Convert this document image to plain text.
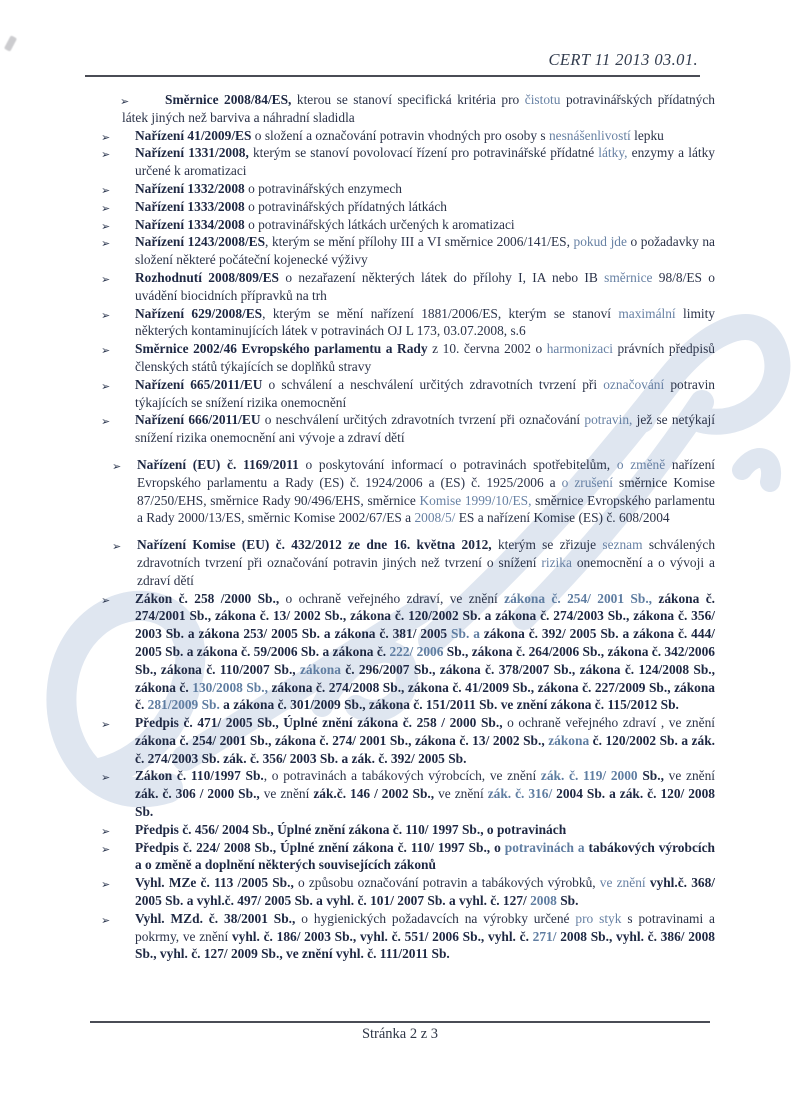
CERT 11 2013 03.01.
➢	Směrnice 2008/84/ES, kterou se stanoví specifická kritéria pro čistotu potravinářských přídatných látek jiných než barviva a náhradní sladidla
➢ Nařízení 41/2009/ES o složení a označování potravin vhodných pro osoby s nesnášenlivostí lepku
➢ Nařízení 1331/2008, kterým se stanoví povolovací řízení pro potravinářské přídatné látky, enzymy a látky určené k aromatizaci
➢ Nařízení 1332/2008 o potravinářských enzymech
➢ Nařízení 1333/2008 o potravinářských přídatných látkách
➢ Nařízení 1334/2008 o potravinářských látkách určených k aromatizaci
➢ Nařízení 1243/2008/ES, kterým se mění přílohy III a VI směrnice 2006/141/ES, pokud jde o požadavky na složení některé počáteční kojenecké výživy
➢ Rozhodnutí 2008/809/ES o nezařazení některých látek do přílohy I, IA nebo IB směrnice 98/8/ES o uvádění biocidních přípravků na trh
➢ Nařízení 629/2008/ES, kterým se mění nařízení 1881/2006/ES, kterým se stanoví maximální limity některých kontaminujících látek v potravinách OJ L 173, 03.07.2008, s.6
➢ Směrnice 2002/46 Evropského parlamentu a Rady z 10. června 2002 o harmonizaci právních předpisů členských států týkajících se doplňků stravy
➢ Nařízení 665/2011/EU o schválení a neschválení určitých zdravotních tvrzení při označování potravin týkajících se snížení rizika onemocnění
➢ Nařízení 666/2011/EU o neschválení určitých zdravotních tvrzení při označování potravin, jež se netýkají snížení rizika onemocnění ani vývoje a zdraví dětí
➢ Nařízení (EU) č. 1169/2011 o poskytování informací o potravinách spotřebitelům, o změně nařízení Evropského parlamentu a Rady (ES) č. 1924/2006 a (ES) č. 1925/2006 a o zrušení směrnice Komise 87/250/EHS, směrnice Rady 90/496/EHS, směrnice Komise 1999/10/ES, směrnice Evropského parlamentu a Rady 2000/13/ES, směrnic Komise 2002/67/ES a 2008/5/ ES a nařízení Komise (ES) č. 608/2004
➢ Nařízení Komise (EU) č. 432/2012 ze dne 16. května 2012, kterým se zřizuje seznam schválených zdravotních tvrzení při označování potravin jiných než tvrzení o snížení rizika onemocnění a o vývoji a zdraví dětí
➢ Zákon č. 258 /2000 Sb., o ochraně veřejného zdraví, ve znění zákona č. 254/ 2001 Sb., zákona č. 274/2001 Sb., zákona č. 13/ 2002 Sb., zákona č. 120/2002 Sb. a zákona č. 274/2003 Sb., zákona č. 356/ 2003 Sb. a zákona 253/ 2005 Sb. a zákona č. 381/ 2005 Sb. a zákona č. 392/ 2005 Sb. a zákona č. 444/ 2005 Sb. a zákona č. 59/2006 Sb. a zákona č. 222/ 2006 Sb., zákona č. 264/2006 Sb., zákona č. 342/2006 Sb., zákona č. 110/2007 Sb., zákona č. 296/2007 Sb., zákona č. 378/2007 Sb., zákona č. 124/2008 Sb., zákona č. 130/2008 Sb., zákona č. 274/2008 Sb., zákona č. 41/2009 Sb., zákona č. 227/2009 Sb., zákona č. 281/2009 Sb. a zákona č. 301/2009 Sb., zákona č. 151/2011 Sb. ve znění zákona č. 115/2012 Sb.
➢ Předpis č. 471/ 2005 Sb., Úplné znění zákona č. 258 / 2000 Sb., o ochraně veřejného zdraví , ve znění zákona č. 254/ 2001 Sb., zákona č. 274/ 2001 Sb., zákona č. 13/ 2002 Sb., zákona č. 120/2002 Sb. a zák. č. 274/2003 Sb. zák. č. 356/ 2003 Sb. a zák. č. 392/ 2005 Sb.
➢ Zákon č. 110/1997 Sb., o potravinách a tabákových výrobcích, ve znění zák. č. 119/ 2000 Sb., ve znění zák. č. 306 / 2000 Sb., ve znění zák.č. 146 / 2002 Sb., ve znění zák. č. 316/ 2004 Sb. a zák. č. 120/ 2008 Sb.
➢ Předpis č. 456/ 2004 Sb., Úplné znění zákona č. 110/ 1997 Sb., o potravinách
➢ Předpis č. 224/ 2008 Sb., Úplné znění zákona č. 110/ 1997 Sb., o potravinách a tabákových výrobcích a o změně a doplnění některých souvisejících zákonů
➢ Vyhl. MZe č. 113 /2005 Sb., o způsobu označování potravin a tabákových výrobků, ve znění vyhl.č. 368/ 2005 Sb. a vyhl.č. 497/ 2005 Sb. a vyhl. č. 101/ 2007 Sb. a vyhl. č. 127/ 2008 Sb.
➢ Vyhl. MZd. č. 38/2001 Sb., o hygienických požadavcích na výrobky určené pro styk s potravinami a pokrmy, ve znění vyhl. č. 186/ 2003 Sb., vyhl. č. 551/ 2006 Sb., vyhl. č. 271/ 2008 Sb., vyhl. č. 386/ 2008 Sb., vyhl. č. 127/ 2009 Sb., ve znění vyhl. č. 111/2011 Sb.
Stránka 2 z 3
